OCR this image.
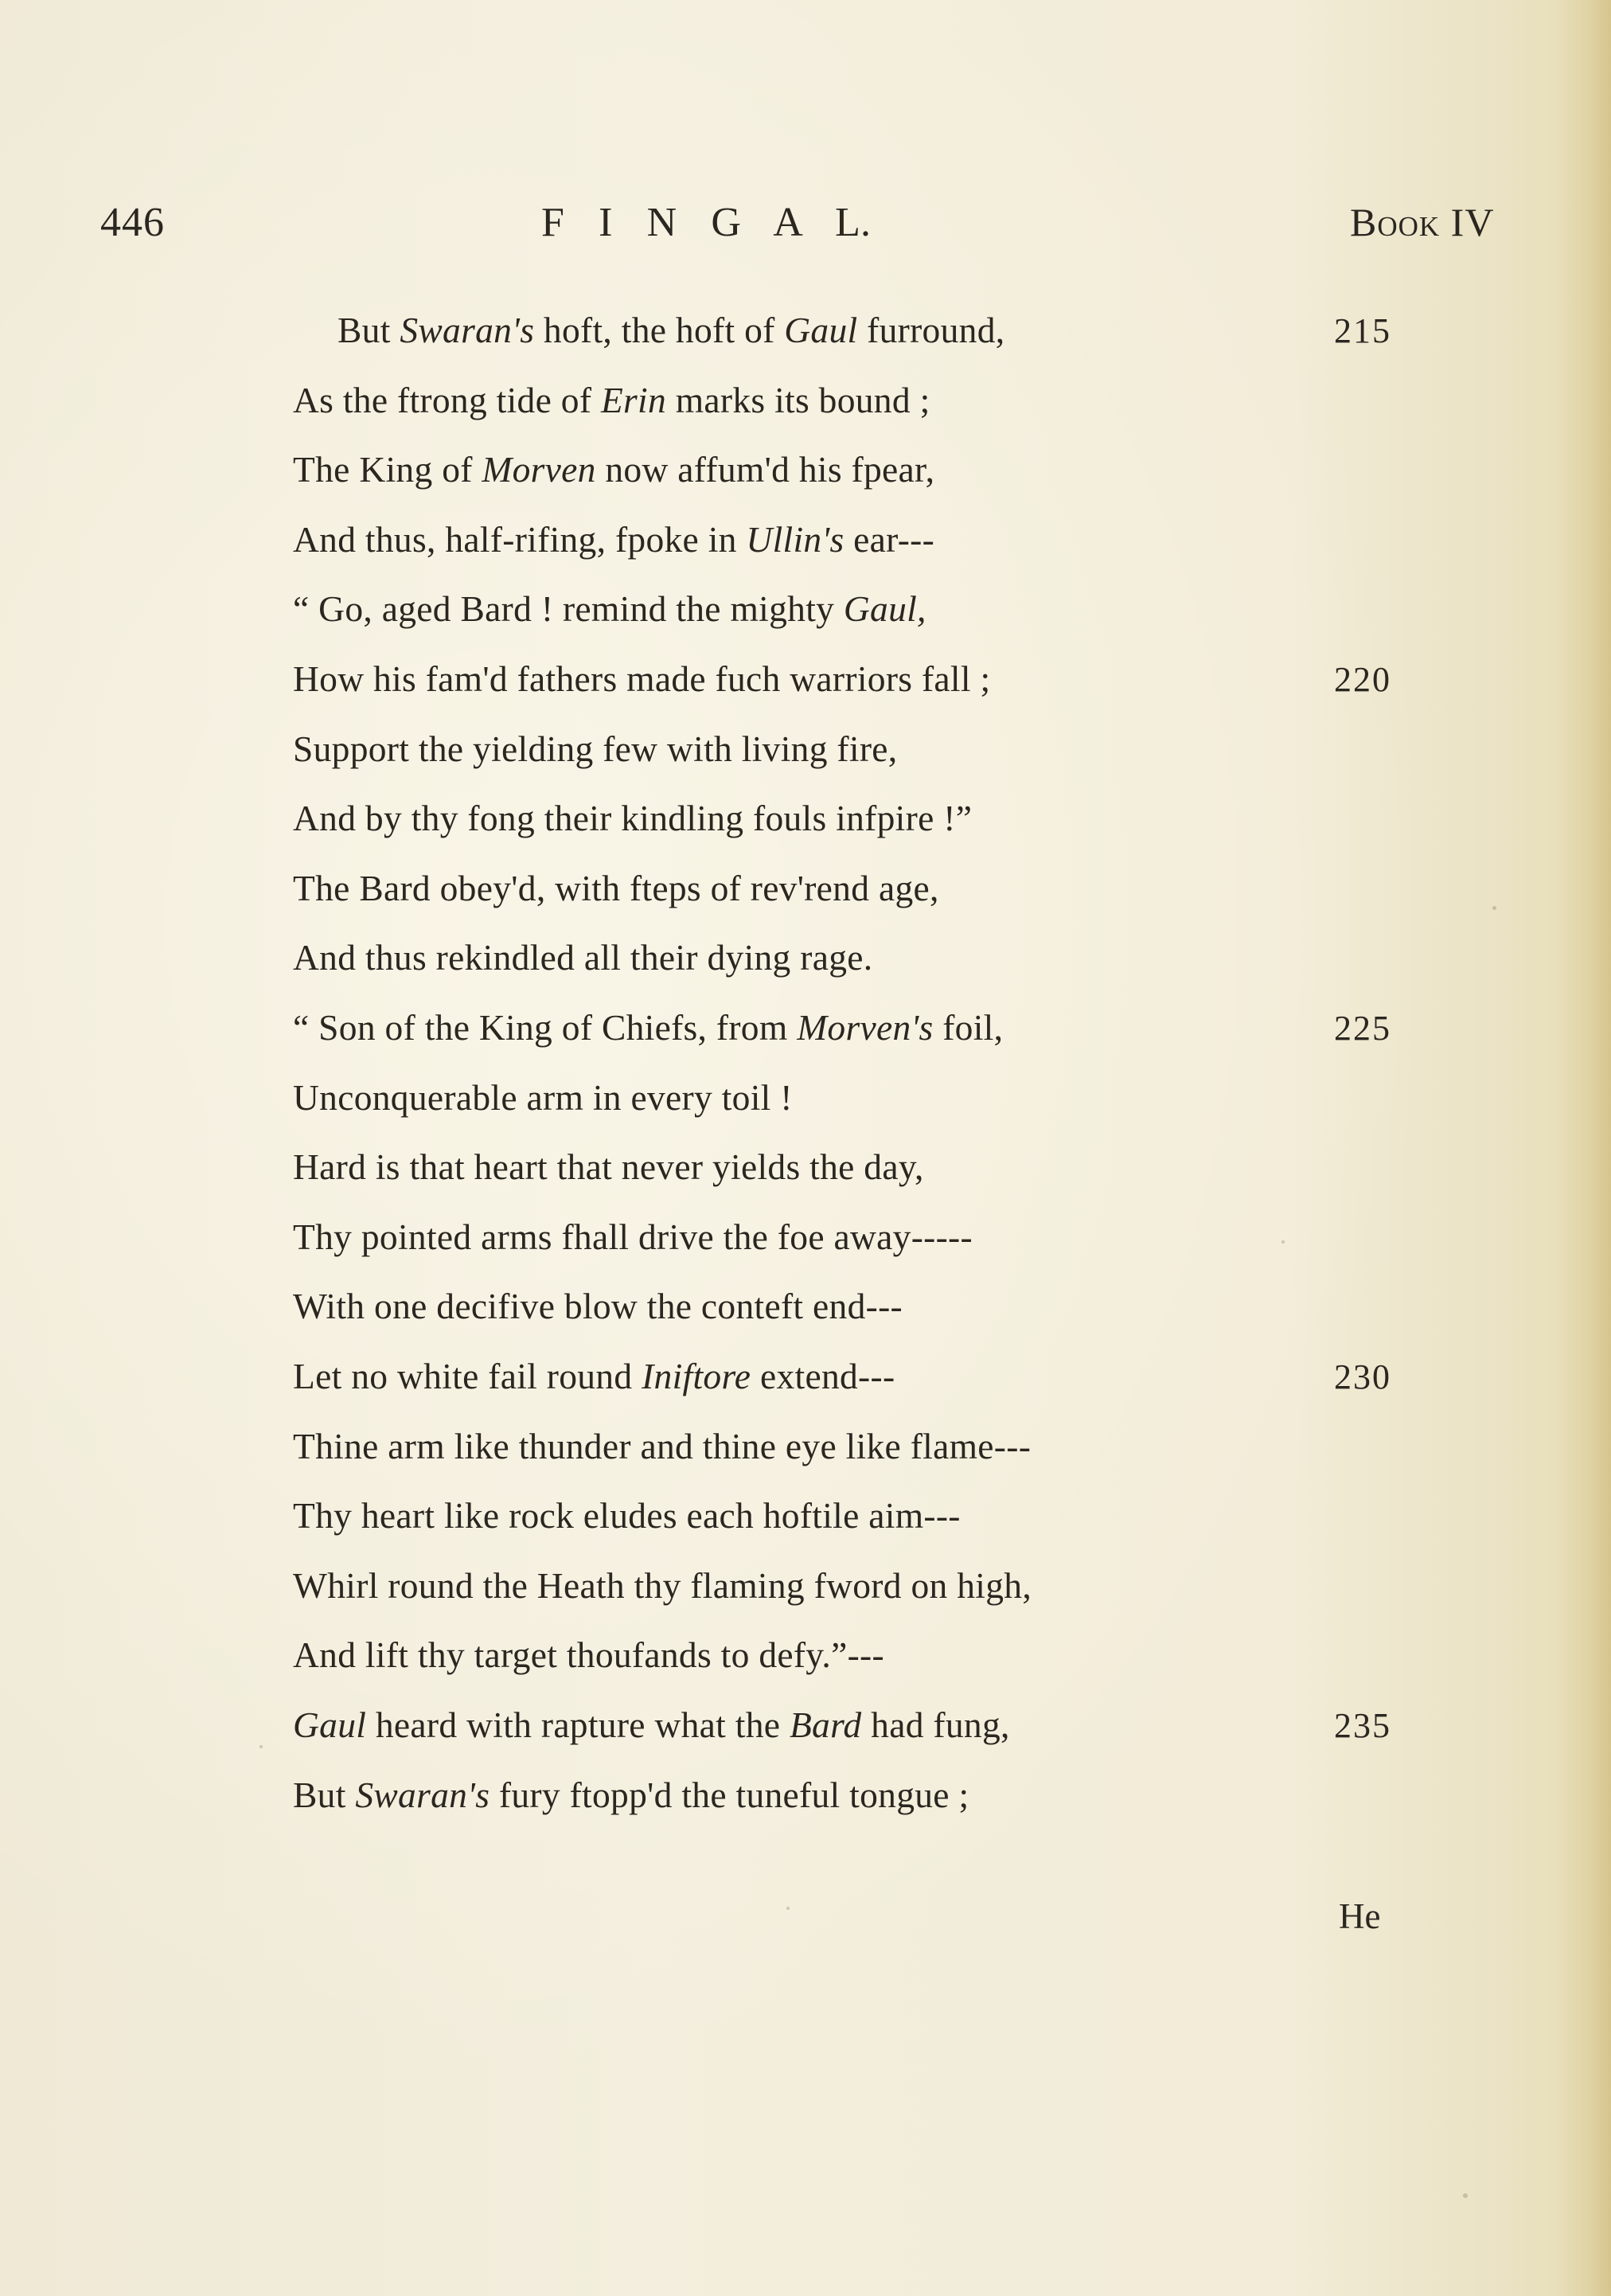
446	F I N G A L.	Book IV
But Swaran's hoft, the hoft of Gaul furround,	215
As the ftrong tide of Erin marks its bound ;
The King of Morven now affum'd his fpear,
And thus, half-rifing, fpoke in Ullin's ear---
“ Go, aged Bard ! remind the mighty Gaul,
How his fam'd fathers made fuch warriors fall ;	220
Support the yielding few with living fire,
And by thy fong their kindling fouls infpire !”
The Bard obey'd, with fteps of rev'rend age,
And thus rekindled all their dying rage.
“ Son of the King of Chiefs, from Morven's foil,	225
Unconquerable arm in every toil !
Hard is that heart that never yields the day,
Thy pointed arms fhall drive the foe away-----
With one decifive blow the conteft end---
Let no white fail round Iniftore extend---	230
Thine arm like thunder and thine eye like flame---
Thy heart like rock eludes each hoftile aim---
Whirl round the Heath thy flaming fword on high,
And lift thy target thoufands to defy.”---
Gaul heard with rapture what the Bard had fung,	235
But Swaran's fury ftopp'd the tuneful tongue ;
He
